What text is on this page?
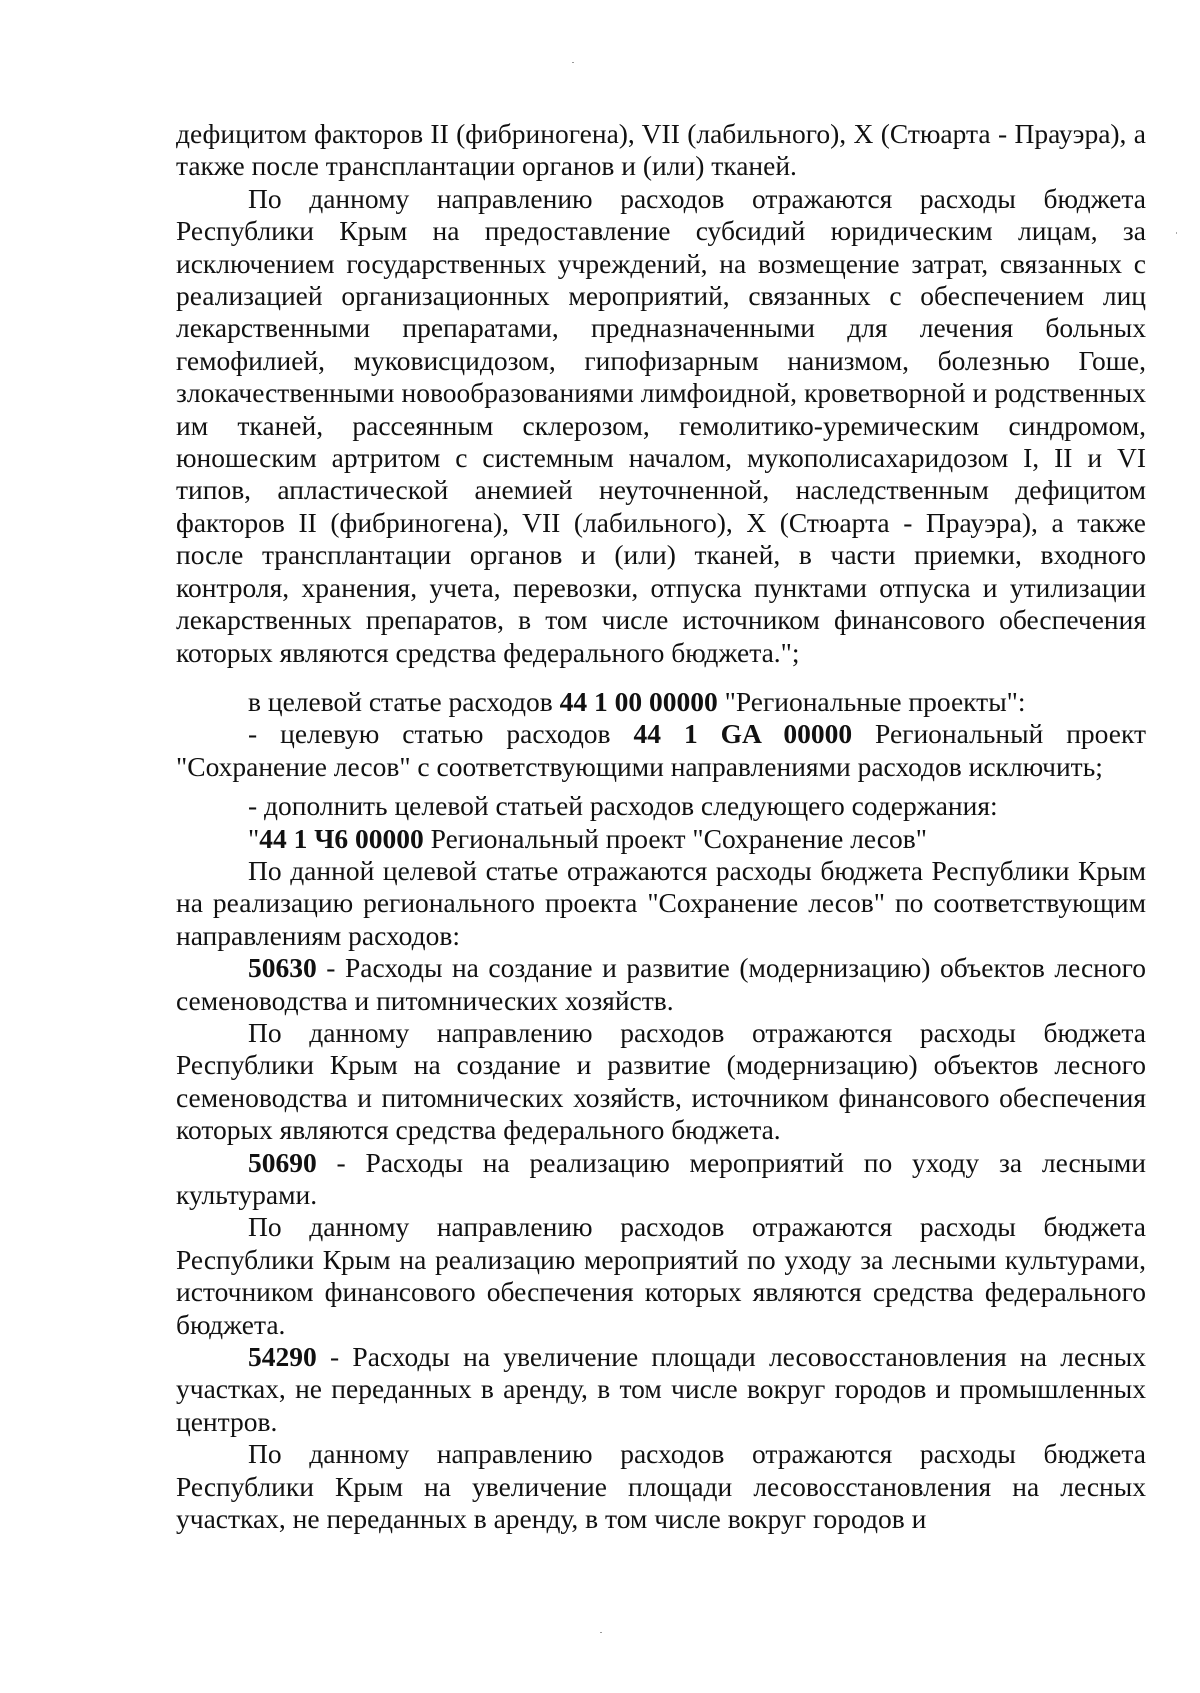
дефицитом факторов II (фибриногена), VII (лабильного), X (Стюарта - Прауэра), а также после трансплантации органов и (или) тканей.

По данному направлению расходов отражаются расходы бюджета Республики Крым на предоставление субсидий юридическим лицам, за исключением государственных учреждений, на возмещение затрат, связанных с реализацией организационных мероприятий, связанных с обеспечением лиц лекарственными препаратами, предназначенными для лечения больных гемофилией, муковисцидозом, гипофизарным нанизмом, болезнью Гоше, злокачественными новообразованиями лимфоидной, кроветворной и родственных им тканей, рассеянным склерозом, гемолитико-уремическим синдромом, юношеским артритом с системным началом, мукополисахаридозом I, II и VI типов, апластической анемией неуточненной, наследственным дефицитом факторов II (фибриногена), VII (лабильного), X (Стюарта - Прауэра), а также после трансплантации органов и (или) тканей, в части приемки, входного контроля, хранения, учета, перевозки, отпуска пунктами отпуска и утилизации лекарственных препаратов, в том числе источником финансового обеспечения которых являются средства федерального бюджета.";

в целевой статье расходов 44 1 00 00000 "Региональные проекты":

- целевую статью расходов 44 1 GA 00000 Региональный проект "Сохранение лесов" с соответствующими направлениями расходов исключить;

- дополнить целевой статьей расходов следующего содержания:

"44 1 Ч6 00000 Региональный проект "Сохранение лесов"

По данной целевой статье отражаются расходы бюджета Республики Крым на реализацию регионального проекта "Сохранение лесов" по соответствующим направлениям расходов:

50630 - Расходы на создание и развитие (модернизацию) объектов лесного семеноводства и питомнических хозяйств.

По данному направлению расходов отражаются расходы бюджета Республики Крым на создание и развитие (модернизацию) объектов лесного семеноводства и питомнических хозяйств, источником финансового обеспечения которых являются средства федерального бюджета.

50690 - Расходы на реализацию мероприятий по уходу за лесными культурами.

По данному направлению расходов отражаются расходы бюджета Республики Крым на реализацию мероприятий по уходу за лесными культурами, источником финансового обеспечения которых являются средства федерального бюджета.

54290 - Расходы на увеличение площади лесовосстановления на лесных участках, не переданных в аренду, в том числе вокруг городов и промышленных центров.

По данному направлению расходов отражаются расходы бюджета Республики Крым на увеличение площади лесовосстановления на лесных участках, не переданных в аренду, в том числе вокруг городов и
